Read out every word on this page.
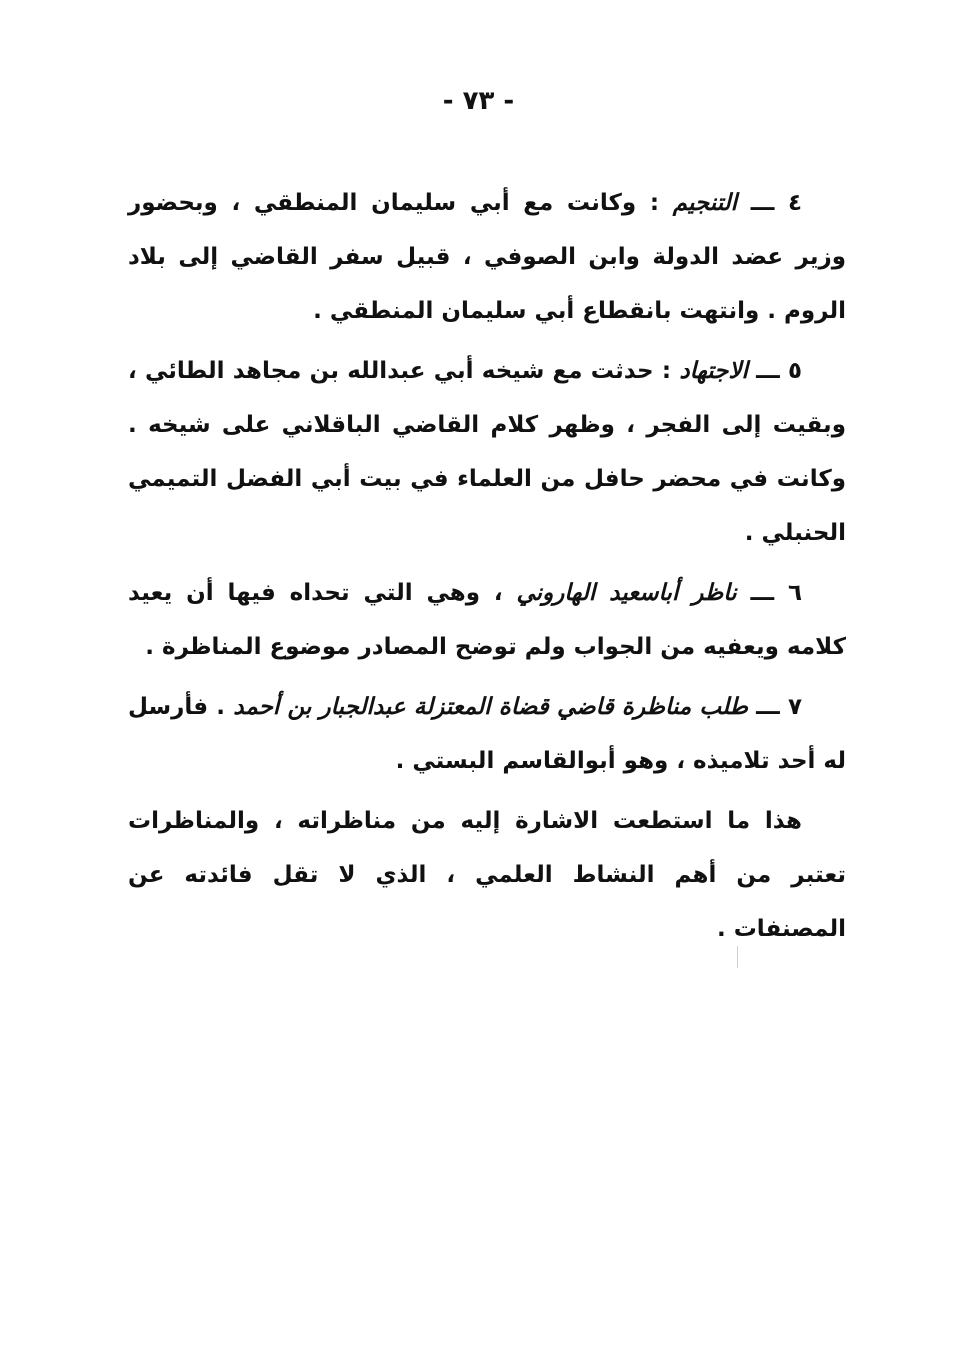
- ٧٣ -

٤ ـــ التنجيم : وكانت مع أبي سليمان المنطقي ، وبحضور وزير عضد الدولة وابن الصوفي ، قبيل سفر القاضي إلى بلاد الروم . وانتهت بانقطاع أبي سليمان المنطقي .

٥ ـــ الاجتهاد : حدثت مع شيخه أبي عبدالله بن مجاهد الطائي ، وبقيت إلى الفجر ، وظهر كلام القاضي الباقلاني على شيخه . وكانت في محضر حافل من العلماء في بيت أبي الفضل التميمي الحنبلي .

٦ ـــ ناظر أباسعيد الهاروني ، وهي التي تحداه فيها أن يعيد كلامه ويعفيه من الجواب ولم توضح المصادر موضوع المناظرة .

٧ ـــ طلب مناظرة قاضي قضاة المعتزلة عبدالجبار بن أحمد . فأرسل له أحد تلاميذه ، وهو أبوالقاسم البستي .

هذا ما استطعت الاشارة إليه من مناظراته ، والمناظرات تعتبر من أهم النشاط العلمي ، الذي لا تقل فائدته عن المصنفات .
